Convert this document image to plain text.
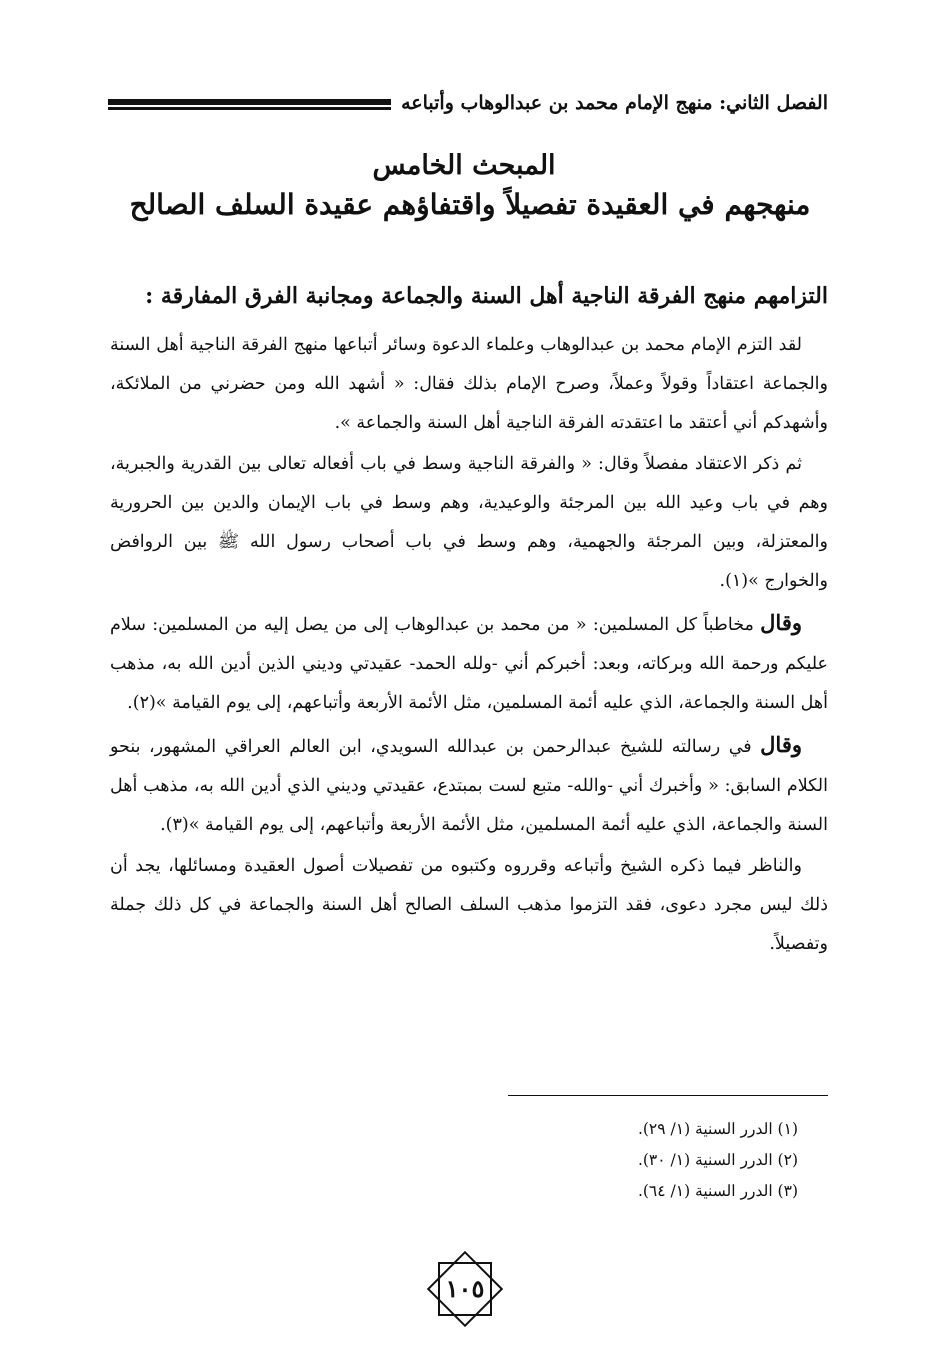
الفصل الثاني: منهج الإمام محمد بن عبدالوهاب وأتباعه
المبحث الخامس
منهجهم في العقيدة تفصيلاً واقتفاؤهم عقيدة السلف الصالح
التزامهم منهج الفرقة الناجية أهل السنة والجماعة ومجانبة الفرق المفارقة :

لقد التزم الإمام محمد بن عبدالوهاب وعلماء الدعوة وسائر أتباعها منهج الفرقة الناجية أهل السنة والجماعة اعتقاداً وقولاً وعملاً، وصرح الإمام بذلك فقال: « أشهد الله ومن حضرني من الملائكة، وأشهدكم أني أعتقد ما اعتقدته الفرقة الناجية أهل السنة والجماعة ».

ثم ذكر الاعتقاد مفصلاً وقال: « والفرقة الناجية وسط في باب أفعاله تعالى بين القدرية والجبرية، وهم في باب وعيد الله بين المرجئة والوعيدية، وهم وسط في باب الإيمان والدين بين الحرورية والمعتزلة، وبين المرجئة والجهمية، وهم وسط في باب أصحاب رسول الله ﷺ بين الروافض والخوارج »(١).

وقال مخاطباً كل المسلمين: « من محمد بن عبدالوهاب إلى من يصل إليه من المسلمين: سلام عليكم ورحمة الله وبركاته، وبعد: أخبركم أني -ولله الحمد- عقيدتي وديني الذين أدين الله به، مذهب أهل السنة والجماعة، الذي عليه أئمة المسلمين، مثل الأئمة الأربعة وأتباعهم، إلى يوم القيامة »(٢).

وقال في رسالته للشيخ عبدالرحمن بن عبدالله السويدي، ابن العالم العراقي المشهور، بنحو الكلام السابق: « وأخبرك أني -والله- متبع لست بمبتدع، عقيدتي وديني الذي أدين الله به، مذهب أهل السنة والجماعة، الذي عليه أئمة المسلمين، مثل الأئمة الأربعة وأتباعهم، إلى يوم القيامة »(٣).

والناظر فيما ذكره الشيخ وأتباعه وقرروه وكتبوه من تفصيلات أصول العقيدة ومسائلها، يجد أن ذلك ليس مجرد دعوى، فقد التزموا مذهب السلف الصالح أهل السنة والجماعة في كل ذلك جملة وتفصيلاً.

(١) الدرر السنية (١/ ٢٩).
(٢) الدرر السنية (١/ ٣٠).
(٣) الدرر السنية (١/ ٦٤).
١٠٥
